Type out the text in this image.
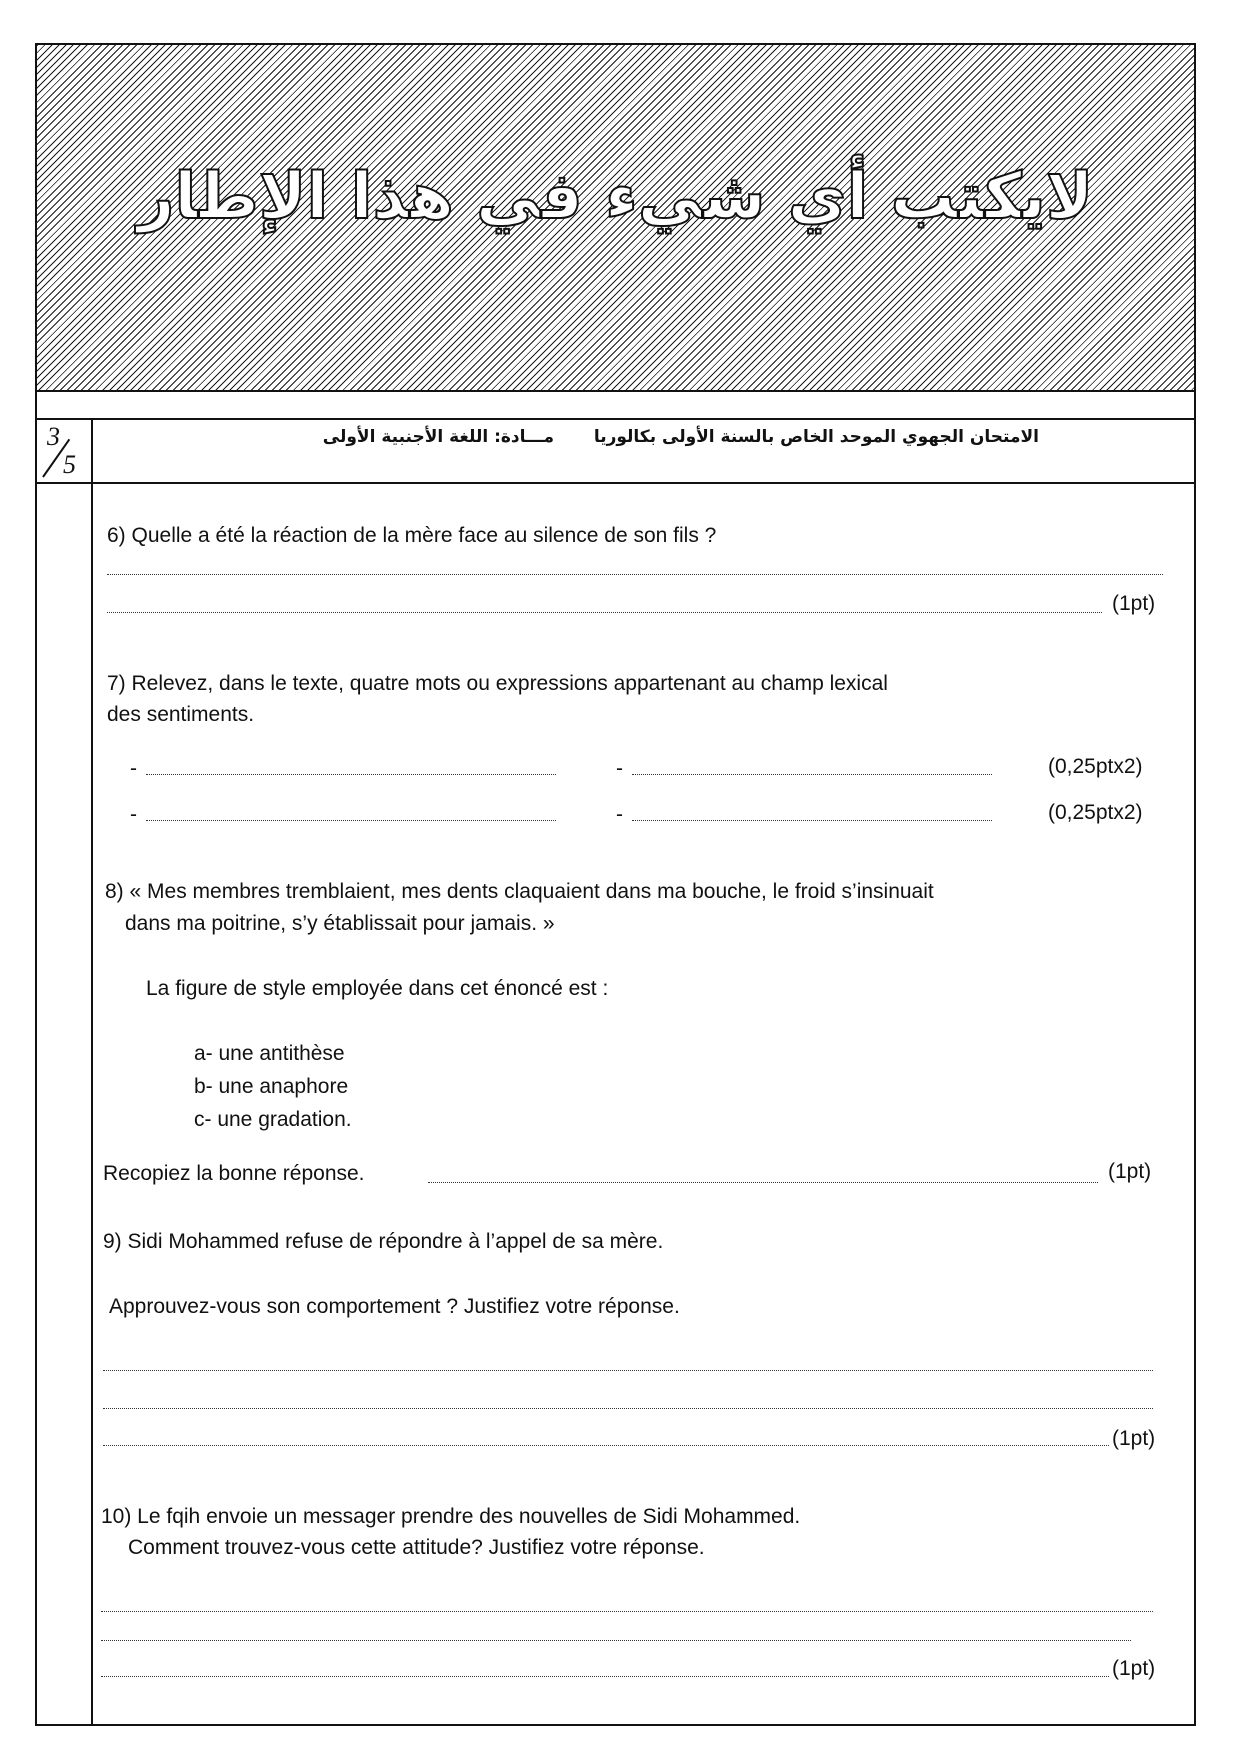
لايكتب أي شيء في هذا الإطار
3
5
الامتحان الجهوي الموحد الخاص بالسنة الأولى بكالوريا
مـــادة: اللغة الأجنبية الأولى
6) Quelle a été la réaction de la mère face au silence de son fils ?
(1pt)
7) Relevez, dans le texte, quatre mots ou expressions appartenant au champ lexical
des sentiments.
-	-	(0,25ptx2)
-	-	(0,25ptx2)
8) « Mes membres tremblaient, mes dents claquaient dans ma bouche, le froid s’insinuait
dans ma poitrine, s’y établissait pour jamais. »
La figure de style employée dans cet énoncé est :
a- une antithèse
b- une anaphore
c- une gradation.
Recopiez la bonne réponse.	(1pt)
9) Sidi Mohammed refuse de répondre à l’appel de sa mère.
Approuvez-vous son comportement ? Justifiez votre réponse.
(1pt)
10) Le fqih envoie un messager prendre des nouvelles de Sidi Mohammed.
Comment trouvez-vous cette attitude? Justifiez votre réponse.
(1pt)
